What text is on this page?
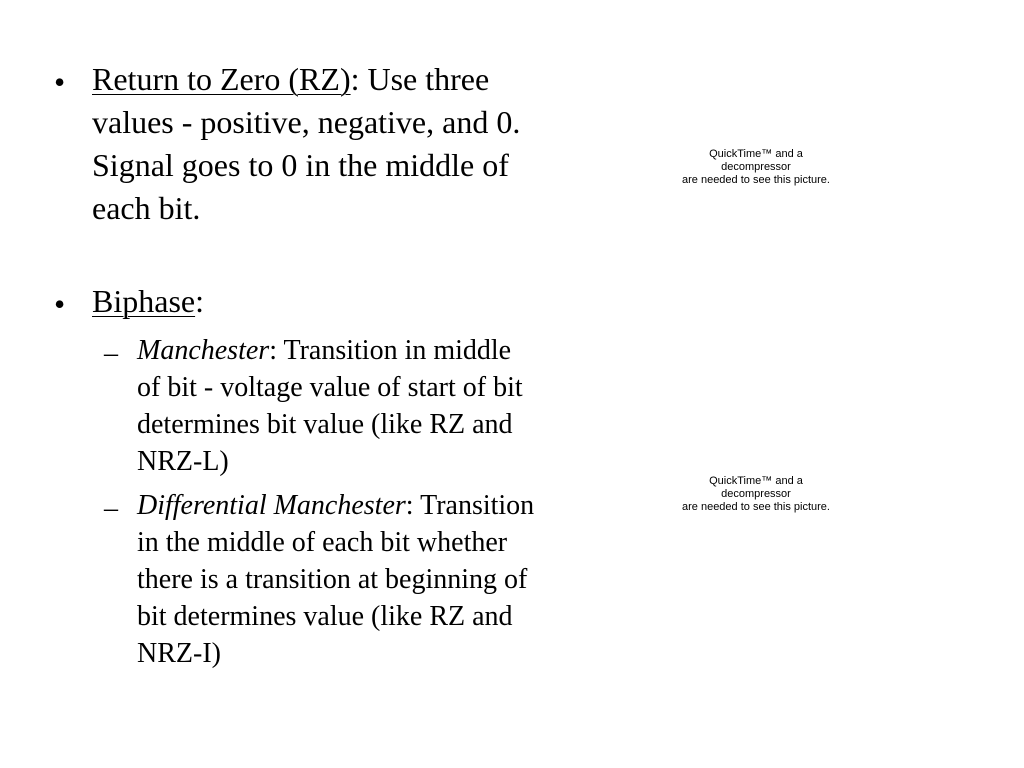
• Return to Zero (RZ): Use three values - positive, negative, and 0. Signal goes to 0 in the middle of each bit.
• Biphase:
– Manchester: Transition in middle of bit - voltage value of start of bit determines bit value (like RZ and NRZ-L)
– Differential Manchester: Transition in the middle of each bit whether there is a transition at beginning of bit determines value (like RZ and NRZ-I)
QuickTime™ and a
decompressor
are needed to see this picture.
QuickTime™ and a
decompressor
are needed to see this picture.
